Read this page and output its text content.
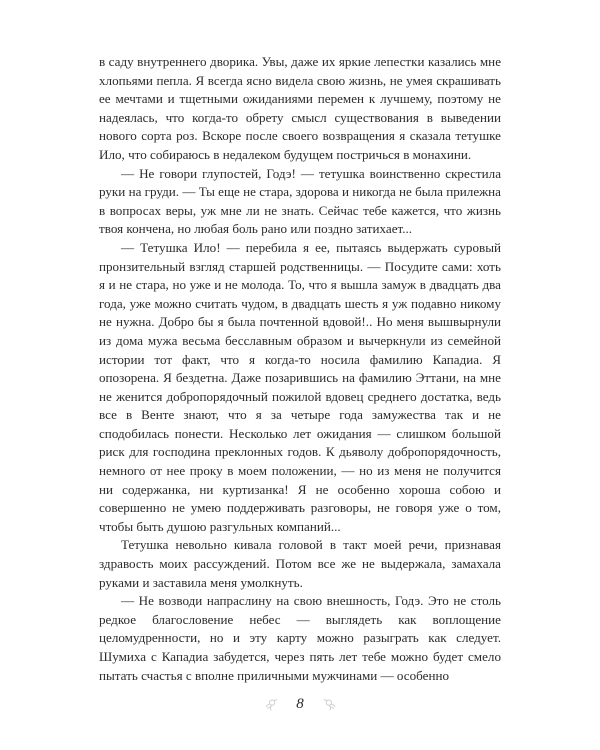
в саду внутреннего дворика. Увы, даже их яркие лепестки казались мне хлопьями пепла. Я всегда ясно видела свою жизнь, не умея скрашивать ее мечтами и тщетными ожиданиями перемен к лучшему, поэтому не надеялась, что когда-то обрету смысл существования в выведении нового сорта роз. Вскоре после своего возвращения я сказала тетушке Ило, что собираюсь в недалеком будущем постричься в монахини.

— Не говори глупостей, Годэ! — тетушка воинственно скрестила руки на груди. — Ты еще не стара, здорова и никогда не была прилежна в вопросах веры, уж мне ли не знать. Сейчас тебе кажется, что жизнь твоя кончена, но любая боль рано или поздно затихает...

— Тетушка Ило! — перебила я ее, пытаясь выдержать суровый пронзительный взгляд старшей родственницы. — Посудите сами: хоть я и не стара, но уже и не молода. То, что я вышла замуж в двадцать два года, уже можно считать чудом, в двадцать шесть я уж подавно никому не нужна. Добро бы я была почтенной вдовой!.. Но меня вышвырнули из дома мужа весьма бесславным образом и вычеркнули из семейной истории тот факт, что я когда-то носила фамилию Кападиа. Я опозорена. Я бездетна. Даже позарившись на фамилию Эттани, на мне не женится добропорядочный пожилой вдовец среднего достатка, ведь все в Венте знают, что я за четыре года замужества так и не сподобилась понести. Несколько лет ожидания — слишком большой риск для господина преклонных годов. К дьяволу добропорядочность, немного от нее проку в моем положении, — но из меня не получится ни содержанка, ни куртизанка! Я не особенно хороша собою и совершенно не умею поддерживать разговоры, не говоря уже о том, чтобы быть душою разгульных компаний...

Тетушка невольно кивала головой в такт моей речи, признавая здравость моих рассуждений. Потом все же не выдержала, замахала руками и заставила меня умолкнуть.

— Не возводи напраслину на свою внешность, Годэ. Это не столь редкое благословение небес — выглядеть как воплощение целомудренности, но и эту карту можно разыграть как следует. Шумиха с Кападиа забудется, через пять лет тебе можно будет смело пытать счастья с вполне приличными мужчинами — особенно

8
